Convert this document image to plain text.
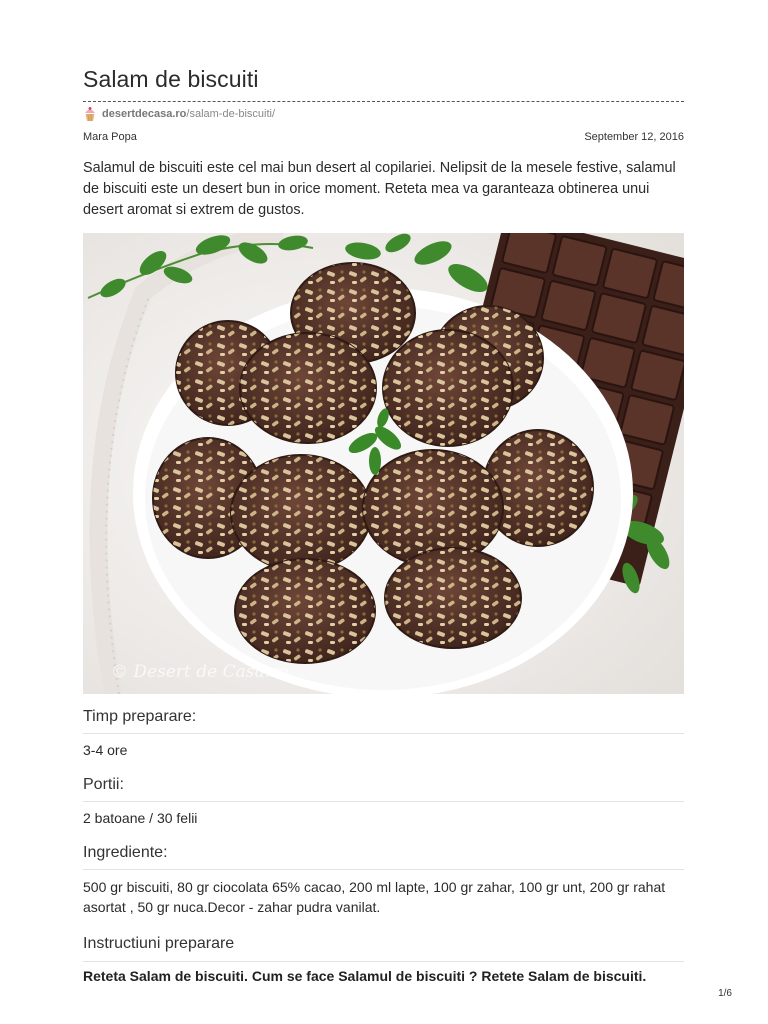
Salam de biscuiti
desertdecasa.ro /salam-de-biscuiti/
Mara Popa	September 12, 2016

Salamul de biscuiti este cel mai bun desert al copilariei. Nelipsit de la mesele festive, salamul de biscuiti este un desert bun in orice moment. Reteta mea va garanteaza obtinerea unui desert aromat si extrem de gustos.

© Desert de Casa.ro
Timp preparare:
3-4 ore
Portii:
2 batoane / 30 felii
Ingrediente:
500 gr biscuiti, 80 gr ciocolata 65% cacao, 200 ml lapte, 100 gr zahar, 100 gr unt, 200 gr rahat asortat , 50 gr nuca.Decor - zahar pudra vanilat.
Instructiuni preparare
Reteta Salam de biscuiti. Cum se face Salamul de biscuiti ? Retete Salam de biscuiti.
1/6
